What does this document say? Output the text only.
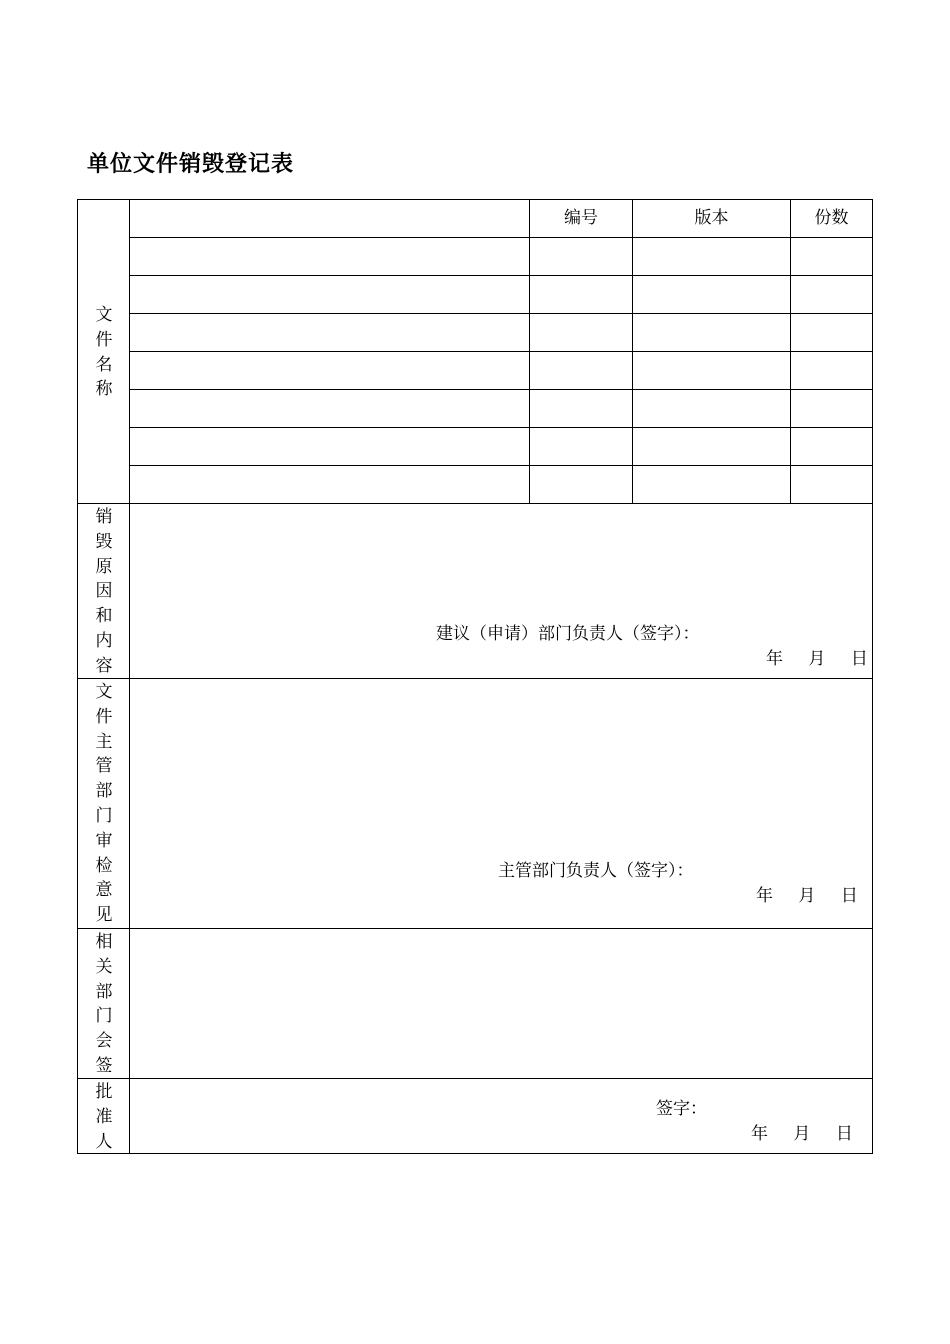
单位文件销毁登记表
编号	版本	份数
文
件
名
称
销
毁
原
因
和
内
容
文
件
主
管
部
门
审
检
意
见
相
关
部
门
会
签
批
准
人
建议（申请）部门负责人（签字）：
年 月 日
主管部门负责人（签字）：
年 月 日
签字：
年 月 日
